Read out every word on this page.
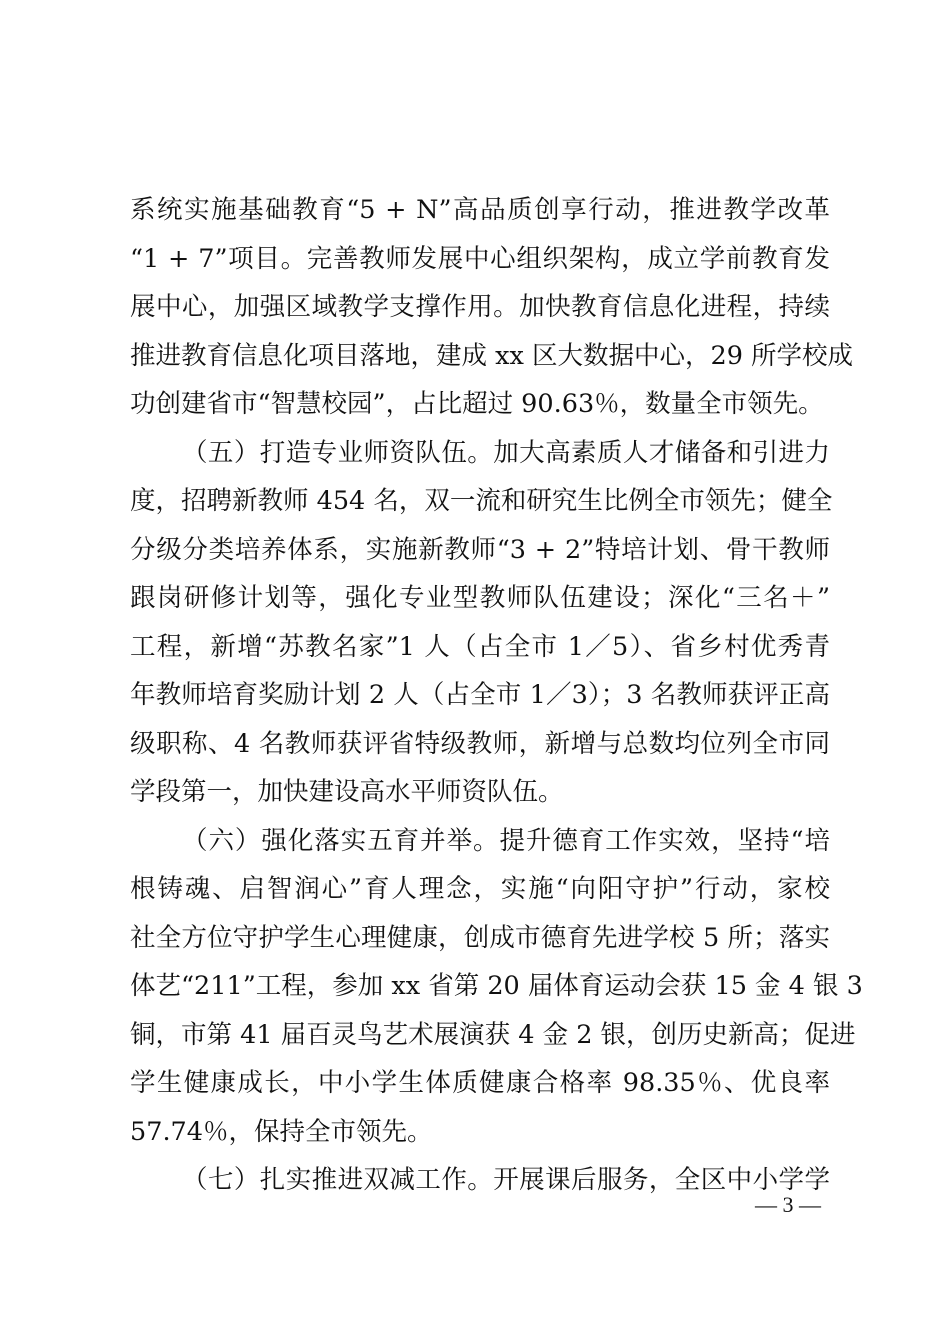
系统实施基础教育“5 + N”高品质创享行动，推进教学改革
“1 + 7”项目。完善教师发展中心组织架构，成立学前教育发
展中心，加强区域教学支撑作用。加快教育信息化进程，持续
推进教育信息化项目落地，建成 xx 区大数据中心，29 所学校成
功创建省市“智慧校园”，占比超过 90.63％，数量全市领先。
（五）打造专业师资队伍。加大高素质人才储备和引进力
度，招聘新教师 454 名，双一流和研究生比例全市领先；健全
分级分类培养体系，实施新教师“3 + 2”特培计划、骨干教师
跟岗研修计划等，强化专业型教师队伍建设；深化“三名＋”
工程，新增“苏教名家”1 人（占全市 1／5）、省乡村优秀青
年教师培育奖励计划 2 人（占全市 1／3）；3 名教师获评正高
级职称、4 名教师获评省特级教师，新增与总数均位列全市同
学段第一，加快建设高水平师资队伍。
（六）强化落实五育并举。提升德育工作实效，坚持“培
根铸魂、启智润心”育人理念，实施“向阳守护”行动，家校
社全方位守护学生心理健康，创成市德育先进学校 5 所；落实
体艺“211”工程，参加 xx 省第 20 届体育运动会获 15 金 4 银 3
铜，市第 41 届百灵鸟艺术展演获 4 金 2 银，创历史新高；促进
学生健康成长，中小学生体质健康合格率 98.35％、优良率
57.74％，保持全市领先。
（七）扎实推进双减工作。开展课后服务，全区中小学学
— 3 —
